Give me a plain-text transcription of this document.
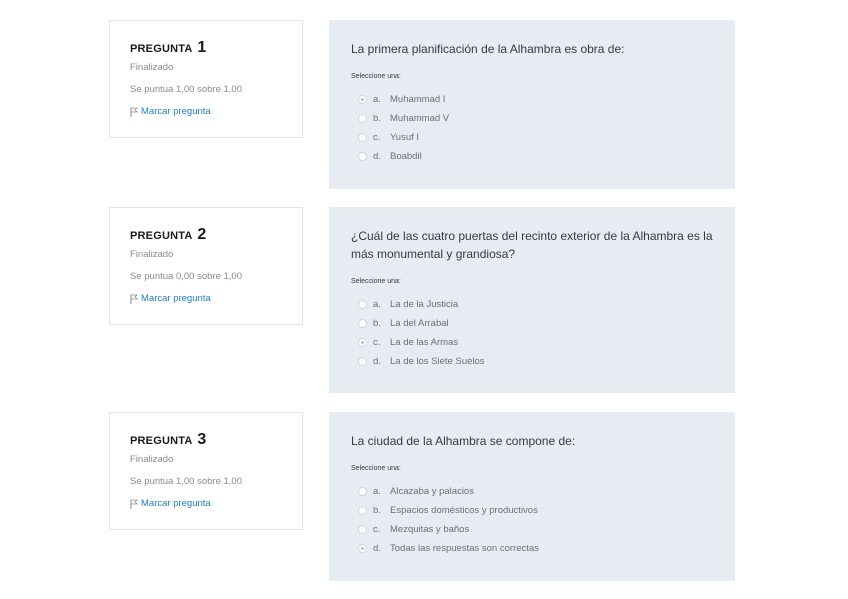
PREGUNTA 1
Finalizado
Se puntua 1,00 sobre 1,00
Marcar pregunta

La primera planificación de la Alhambra es obra de:

Seleccione una:
a. Muhammad I
b. Muhammad V
c.	Yusuf I
d. Boabdil
PREGUNTA 2
Finalizado
Se puntua 0,00 sobre 1,00
Marcar pregunta

¿Cuál de las cuatro puertas del recinto exterior de la Alhambra es la más monumental y grandiosa?

Seleccione una:
a. La de la Justicia
b. La del Arrabal
c.	La de las Armas
d. La de los Siete Suelos
PREGUNTA 3
Finalizado
Se puntua 1,00 sobre 1,00
Marcar pregunta

La ciudad de la Alhambra se compone de:

Seleccione una:
a. Alcazaba y palacios
b. Espacios domésticos y productivos
c.	Mezquitas y baños
d. Todas las respuestas son correctas
